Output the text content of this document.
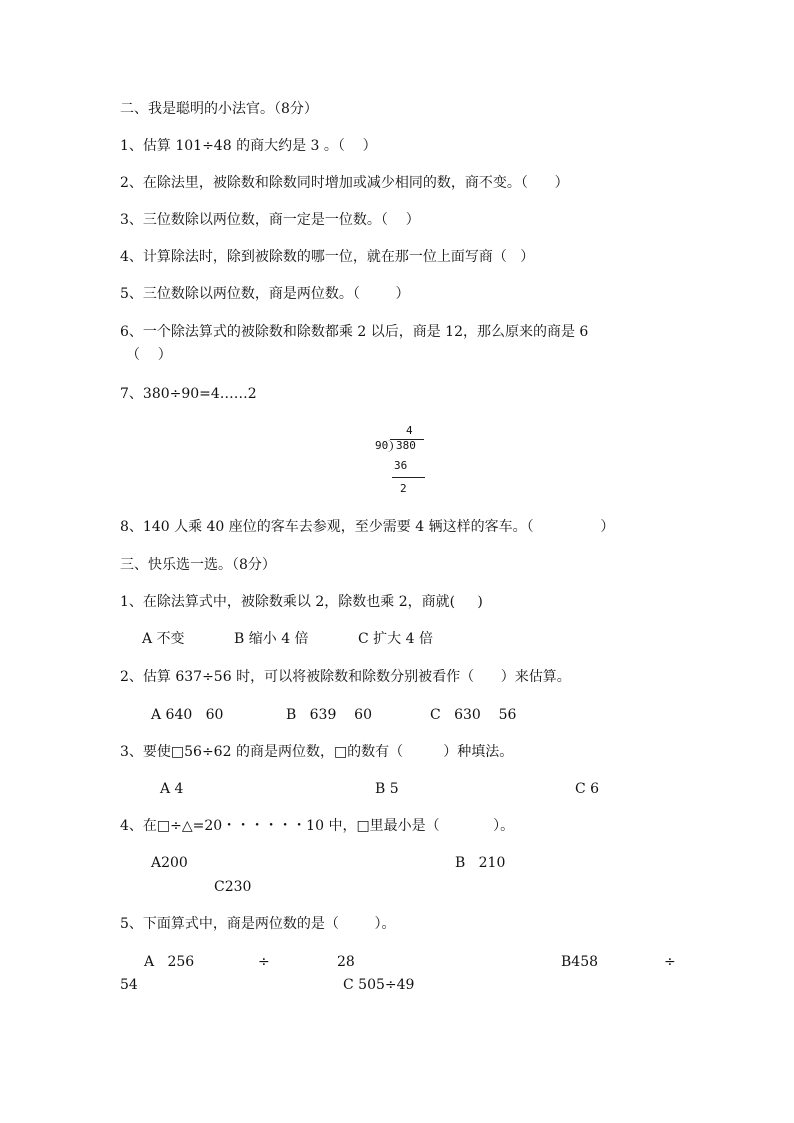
二、我是聪明的小法官。（8分）
1、估算 101÷48 的商大约是 3 。（    ）
2、在除法里，被除数和除数同时增加或减少相同的数，商不变。（      ）
3、三位数除以两位数，商一定是一位数。（    ）
4、计算除法时，除到被除数的哪一位，就在那一位上面写商（   ）
5、三位数除以两位数，商是两位数。（        ）
6、一个除法算式的被除数和除数都乘 2 以后，商是 12，那么原来的商是 6
（    ）
7、380÷90=4……2
4
90 380
36
2
8、140 人乘 40 座位的客车去参观，至少需要 4 辆这样的客车。（               ）
三、快乐选一选。（8分）
1、在除法算式中，被除数乘以 2，除数也乘 2，商就(     )
A 不变	B 缩小 4 倍	C 扩大 4 倍
2、估算 637÷56 时，可以将被除数和除数分别被看作（      ）来估算。
A 640   60	B   639    60	C   630    56
3、要使□56÷62 的商是两位数，□的数有（         ）种填法。
A 4	B 5	C 6
4、在□÷△=20・・・・・・10 中，□里最小是（            ）。
A200	B   210
C230
5、下面算式中，商是两位数的是（        ）。
A   256	÷	28	B458	÷
54	C 505÷49
